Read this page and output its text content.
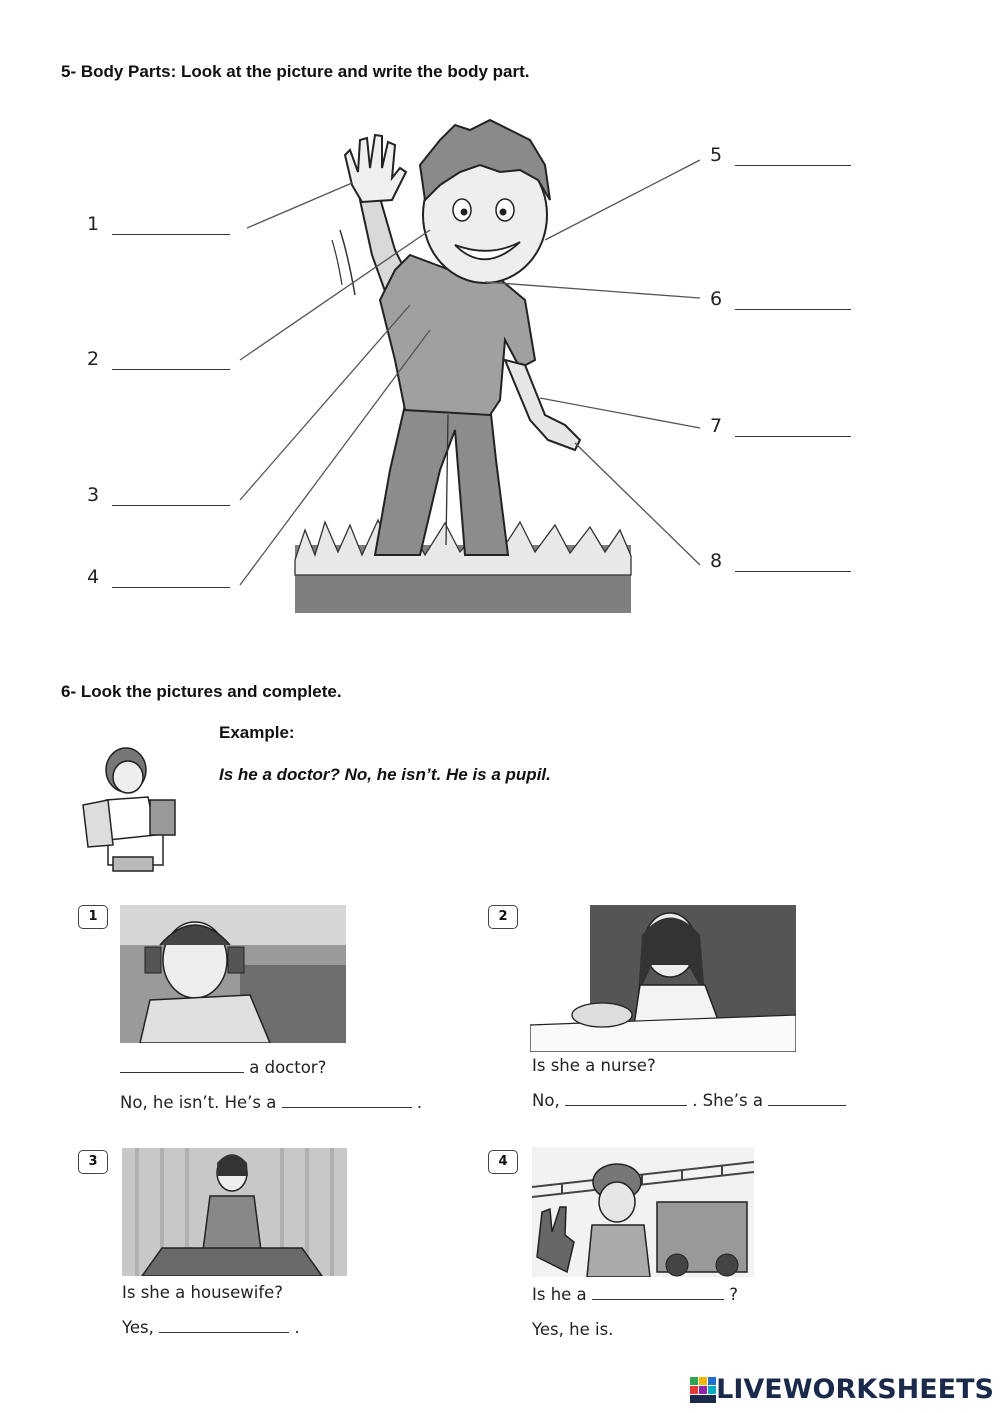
5- Body Parts: Look at the picture and write the body part.
1
2
3
4
5
6
7
8
6- Look the pictures and complete.
Example:
Is he a doctor? No, he isn’t. He is a pupil.
1
a doctor?
No, he isn’t. He’s a	.
2
Is she a nurse?
No,	. She’s a
3
Is she a housewife?
Yes,	.
4
Is he a	?
Yes, he is.
LIVEWORKSHEETS
